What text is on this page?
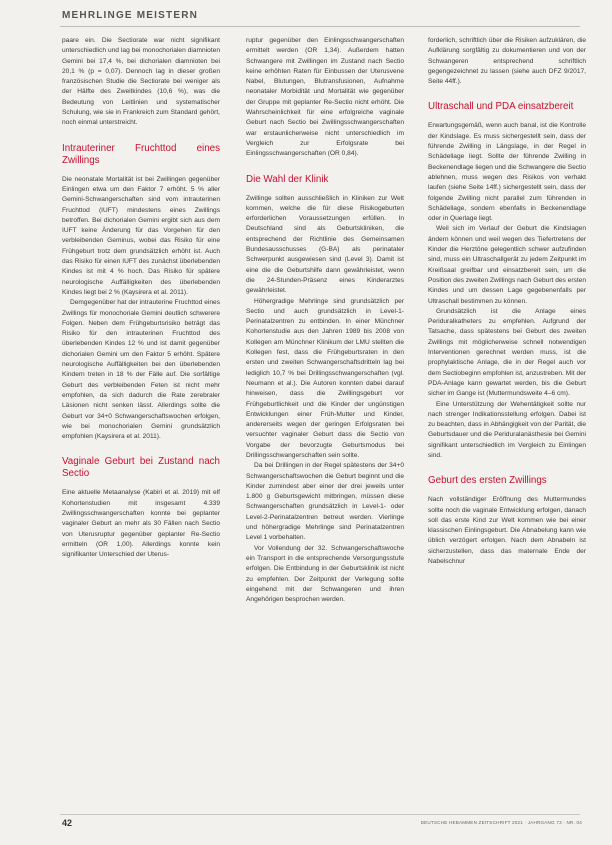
MEHRLINGE MEISTERN

paare ein. Die Sectiorate war nicht signifikant unterschiedlich und lag bei monochorialen diamnioten Gemini bei 17,4 %, bei dichorialen diamnioten bei 20,1 % (p = 0,07). Dennoch lag in dieser großen französischen Studie die Sectiorate bei weniger als der Hälfte des Zweitkindes (10,6 %), was die Bedeutung von Leitlinien und systematischer Schulung, wie sie in Frankreich zum Standard gehört, noch einmal unterstreicht.

Intrauteriner Fruchttod eines Zwillings

Die neonatale Mortalität ist bei Zwillingen gegenüber Einlingen etwa um den Faktor 7 erhöht. 5 % aller Gemini-Schwangerschaften sind vom intrauterinen Fruchttod (IUFT) mindestens eines Zwillings betroffen. Bei dichorialen Gemini ergibt sich aus dem IUFT keine Änderung für das Vorgehen für den verbleibenden Geminus, wobei das Risiko für eine Frühgeburt trotz dem grundsätzlich erhöht ist. Auch das Risiko für einen IUFT des zunächst überlebenden Kindes ist mit 4 % hoch. Das Risiko für spätere neurologische Auffälligkeiten des überlebenden Kindes liegt bei 2 % (Kaysirera et al. 2011).

Demgegenüber hat der intrauterine Fruchttod eines Zwillings für monochoriale Gemini deutlich schwerere Folgen. Neben dem Frühgeburtsrisiko beträgt das Risiko für den intrauterinen Fruchttod des überlebenden Kindes 12 % und ist damit gegenüber dichorialen Gemini um den Faktor 5 erhöht. Spätere neurologische Auffälligkeiten bei den überlebenden Kindern treten in 18 % der Fälle auf. Die sorfältige Geburt des verbleibenden Feten ist nicht mehr empfohlen, da sich dadurch die Rate zerebraler Läsionen nicht senken lässt. Allerdings sollte die Geburt vor 34+0 Schwangerschaftswochen erfolgen, wie bei monochorialen Gemini grundsätzlich empfohlen (Kaysirera et al. 2011).

Vaginale Geburt bei Zustand nach Sectio

Eine aktuelle Metaanalyse (Kabiri et al. 2019) mit elf Kohortenstudien mit insgesamt 4.339 Zwillingsschwangerschaften konnte bei geplanter vaginaler Geburt an mehr als 30 Fällen nach Sectio von Uterusruptur gegenüber geplanter Re-Sectio ermitteln (OR 1,00). Allerdings konnte kein signifikanter Unterschied der Uterus-

ruptur gegenüber den Einlingsschwangerschaften ermittelt werden (OR 1,34). Außerdem hatten Schwangere mit Zwillingen im Zustand nach Sectio keine erhöhten Raten für Einbussen der Uterusvene Nabel, Blutungen, Blutransfusionen, Aufnahme neonataler Morbidität und Mortalität wie gegenüber der Gruppe mit geplanter Re-Sectio nicht erhöht. Die Wahrscheinlichkeit für eine erfolgreiche vaginale Geburt nach Sectio bei Zwillingsschwangerschaften war erstaunlicherweise nicht unterschiedlich im Vergleich zur Erfolgsrate bei Einlingsschwangerschaften (OR 0,84).

Die Wahl der Klinik

Zwillinge sollten ausschließlich in Kliniken zur Welt kommen, welche die für diese Risikogeburten erforderlichen Voraussetzungen erfüllen. In Deutschland sind als Geburtskliniken, die entsprechend der Richtlinie des Gemeinsamen Bundesausschusses (G-BA) als perinataler Schwerpunkt ausgewiesen sind (Level 3). Damit ist eine die die Geburtshilfe dann gewährleistet, wenn die 24-Stunden-Präsenz eines Kinderarztes gewährleistet.

Höhergradige Mehrlinge sind grundsätzlich per Sectio und auch grundsätzlich in Level-1-Perinatalzentren zu entbinden. In einer Münchner Kohortenstudie aus den Jahren 1989 bis 2008 von Kollegen am Münchner Klinikum der LMU stellten die Kollegen fest, dass die Frühgeburtsraten in den ersten und zweiten Schwangerschaftsdritteln lag bei lediglich 10,7 % bei Drillingsschwangerschaften (vgl. Neumann et al.). Die Autoren konnten dabei darauf hinweisen, dass die Zwillingsgeburt vor Frühgeburtlichkeit und die Kinder der ungünstigen Entwicklungen einer Früh-Mutter und Kinder, andererseits wegen der geringen Erfolgsraten bei versuchter vaginaler Geburt dass die Sectio von Vorgabe der bevorzugte Geburtsmodus bei Drillingsschwangerschaften sein sollte.

Da bei Drillingen in der Regel spätestens der 34+0 Schwangerschaftswochen die Geburt beginnt und die Kinder zumindest aber einer der drei jeweils unter 1.800 g Geburtsgewicht mitbringen, müssen diese Schwangerschaften grundsätzlich in Level-1- oder Level-2-Perinatalzentren betreut werden. Vierlinge und höhergradige Mehrlinge sind Perinatalzentren Level 1 vorbehalten.

Vor Vollendung der 32. Schwangerschaftswoche ein Transport in die entsprechende Versorgungsstufe erfolgen. Die Entbindung in der Geburtsklinik ist nicht zu empfehlen. Der Zeitpunkt der Verlegung sollte eingehend mit der Schwangeren und ihren Angehörigen besprochen werden.

forderlich, schriftlich über die Risiken aufzuklären, die Aufklärung sorgfältig zu dokumentieren und von der Schwangeren entsprechend schriftlich gegengezeichnet zu lassen (siehe auch DFZ 9/2017, Seite 44ff.).

Ultraschall und PDA einsatzbereit

Erwartungsgemäß, wenn auch banal, ist die Kontrolle der Kindslage. Es muss sichergestellt sein, dass der führende Zwilling in Längslage, in der Regel in Schädellage liegt. Sollte der führende Zwilling in Beckenendlage liegen und die Schwangere die Sectio ablehnen, muss wegen des Risikos von verhakt laufen (siehe Seite 14ff.) sichergestellt sein, dass der folgende Zwilling nicht parallel zum führenden in Schädellage, sondern ebenfalls in Beckenendlage oder in Querlage liegt.

Weil sich im Verlauf der Geburt die Kindslagen ändern können und weil wegen des Tiefertretens der Kinder die Herztöne gelegentlich schwer aufzufinden sind, muss ein Ultraschallgerät zu jedem Zeitpunkt im Kreißsaal greifbar und einsatzbereit sein, um die Position des zweiten Zwillings nach Geburt des ersten Kindes und um dessen Lage gegebenenfalls per Ultraschall bestimmen zu können.

Grundsätzlich ist die Anlage eines Periduralkatheters zu empfehlen. Aufgrund der Tatsache, dass spätestens bei Geburt des zweiten Zwillings mit möglicherweise schnell notwendigen Interventionen gerechnet werden muss, ist die prophylaktische Anlage, die in der Regel auch vor dem Sectiobeginn empfohlen ist, anzustreben. Mit der PDA-Anlage kann gewartet werden, bis die Geburt sicher im Gange ist (Muttermundsweite 4–6 cm).

Eine Unterstützung der Wehentätigkeit sollte nur nach strenger Indikationsstellung erfolgen. Dabei ist zu beachten, dass in Abhängigkeit von der Parität, die Geburtsdauer und die Periduralanästhesie bei Gemini signifikant unterschiedlich im Vergleich zu Einlingen sind.

Geburt des ersten Zwillings

Nach vollständiger Eröffnung des Muttermundes sollte noch die vaginale Entwicklung erfolgen, danach soll das erste Kind zur Welt kommen wie bei einer klassischen Einlingsgeburt. Die Abnabelung kann wie üblich verzögert erfolgen. Nach dem Abnabeln ist sicherzustellen, dass das maternale Ende der Nabelschnur

42	DEUTSCHE HEBAMMEN ZEITSCHRIFT 2021 · JAHRGANG 73 · NR. 04
